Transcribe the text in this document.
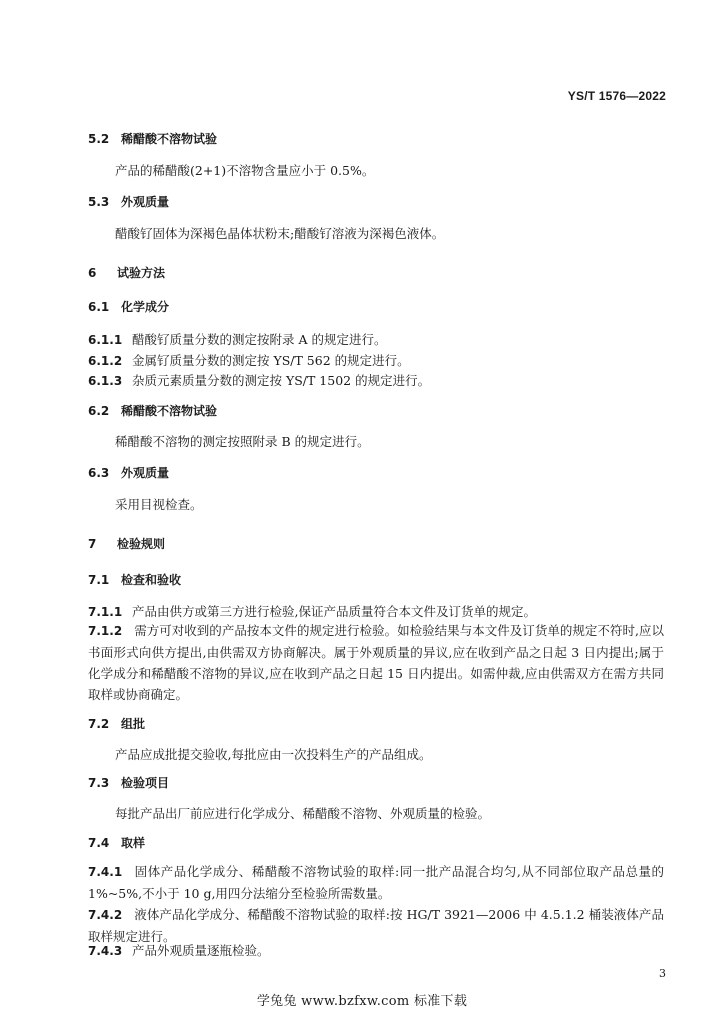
YS/T 1576—2022
5.2 稀醋酸不溶物试验
产品的稀醋酸(2+1)不溶物含量应小于 0.5%。
5.3 外观质量
醋酸钌固体为深褐色晶体状粉末;醋酸钌溶液为深褐色液体。
6 试验方法
6.1 化学成分
6.1.1 醋酸钌质量分数的测定按附录 A 的规定进行。
6.1.2 金属钌质量分数的测定按 YS/T 562 的规定进行。
6.1.3 杂质元素质量分数的测定按 YS/T 1502 的规定进行。
6.2 稀醋酸不溶物试验
稀醋酸不溶物的测定按照附录 B 的规定进行。
6.3 外观质量
采用目视检查。
7 检验规则
7.1 检查和验收
7.1.1 产品由供方或第三方进行检验,保证产品质量符合本文件及订货单的规定。
7.1.2 需方可对收到的产品按本文件的规定进行检验。如检验结果与本文件及订货单的规定不符时,应以书面形式向供方提出,由供需双方协商解决。属于外观质量的异议,应在收到产品之日起 3 日内提出;属于化学成分和稀醋酸不溶物的异议,应在收到产品之日起 15 日内提出。如需仲裁,应由供需双方在需方共同取样或协商确定。
7.2 组批
产品应成批提交验收,每批应由一次投料生产的产品组成。
7.3 检验项目
每批产品出厂前应进行化学成分、稀醋酸不溶物、外观质量的检验。
7.4 取样
7.4.1 固体产品化学成分、稀醋酸不溶物试验的取样:同一批产品混合均匀,从不同部位取产品总量的 1%~5%,不小于 10 g,用四分法缩分至检验所需数量。
7.4.2 液体产品化学成分、稀醋酸不溶物试验的取样:按 HG/T 3921—2006 中 4.5.1.2 桶装液体产品取样规定进行。
7.4.3 产品外观质量逐瓶检验。
3
学兔兔 www.bzfxw.com 标准下载
